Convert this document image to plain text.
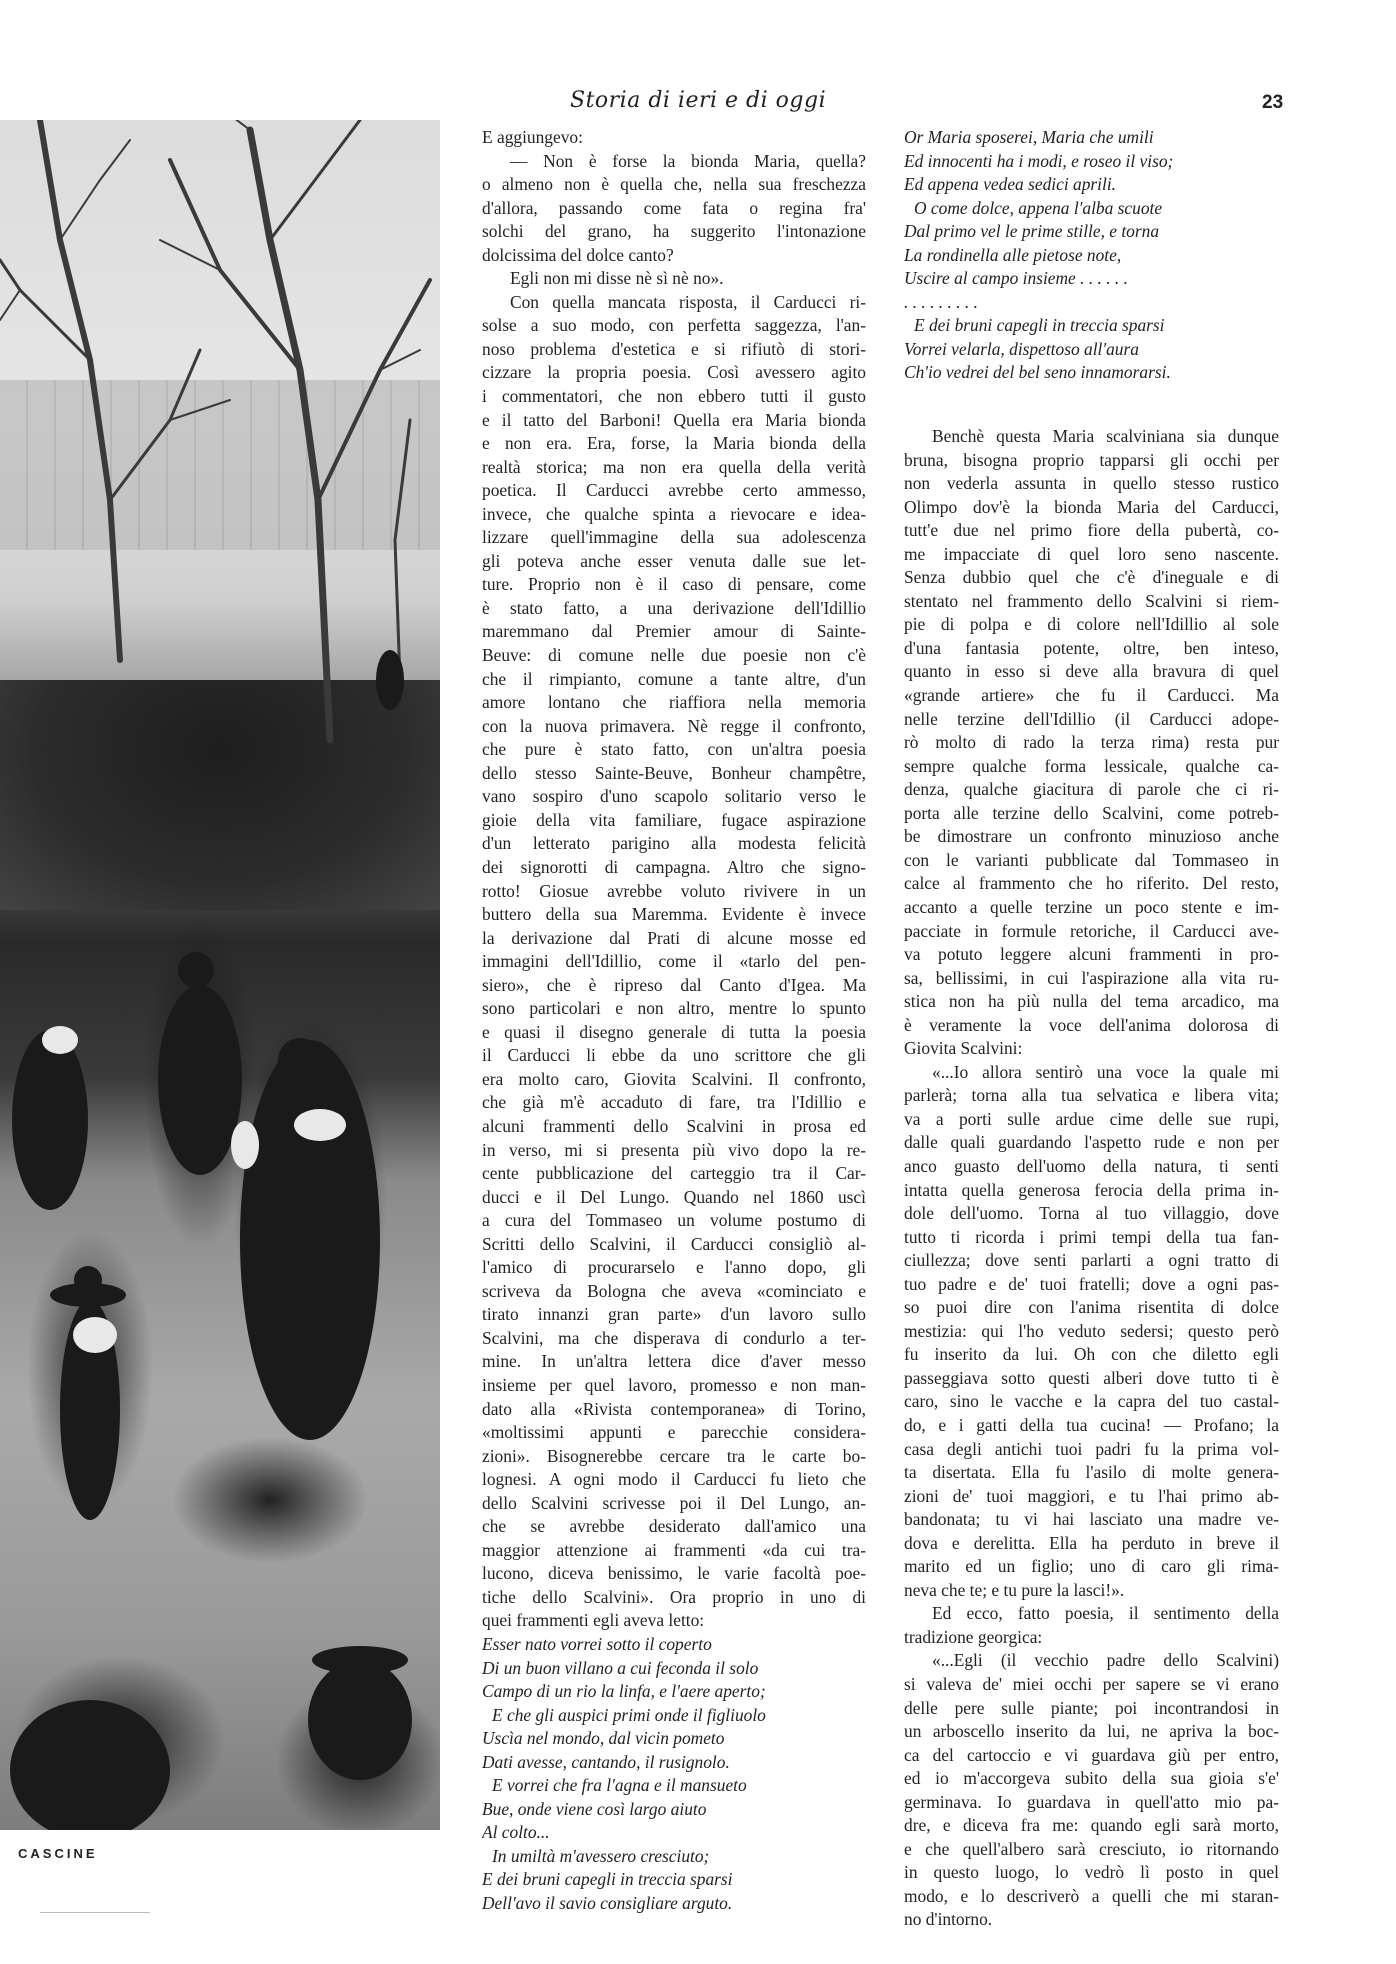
CASCINE
Storia di ieri e di oggi	23
E aggiungevo:
— Non è forse la bionda Maria, quella?
o almeno non è quella che, nella sua freschezza
d'allora, passando come fata o regina fra'
solchi del grano, ha suggerito l'intonazione
dolcissima del dolce canto?
Egli non mi disse nè sì nè no».
Con quella mancata risposta, il Carducci ri-
solse a suo modo, con perfetta saggezza, l'an-
noso problema d'estetica e si rifiutò di stori-
cizzare la propria poesia. Così avessero agito
i commentatori, che non ebbero tutti il gusto
e il tatto del Barboni! Quella era Maria bionda
e non era. Era, forse, la Maria bionda della
realtà storica; ma non era quella della verità
poetica. Il Carducci avrebbe certo ammesso,
invece, che qualche spinta a rievocare e idea-
lizzare quell'immagine della sua adolescenza
gli poteva anche esser venuta dalle sue let-
ture. Proprio non è il caso di pensare, come
è stato fatto, a una derivazione dell'Idillio
maremmano dal Premier amour di Sainte-
Beuve: di comune nelle due poesie non c'è
che il rimpianto, comune a tante altre, d'un
amore lontano che riaffiora nella memoria
con la nuova primavera. Nè regge il confronto,
che pure è stato fatto, con un'altra poesia
dello stesso Sainte-Beuve, Bonheur champêtre,
vano sospiro d'uno scapolo solitario verso le
gioie della vita familiare, fugace aspirazione
d'un letterato parigino alla modesta felicità
dei signorotti di campagna. Altro che signo-
rotto! Giosue avrebbe voluto rivivere in un
buttero della sua Maremma. Evidente è invece
la derivazione dal Prati di alcune mosse ed
immagini dell'Idillio, come il «tarlo del pen-
siero», che è ripreso dal Canto d'Igea. Ma
sono particolari e non altro, mentre lo spunto
e quasi il disegno generale di tutta la poesia
il Carducci li ebbe da uno scrittore che gli
era molto caro, Giovita Scalvini. Il confronto,
che già m'è accaduto di fare, tra l'Idillio e
alcuni frammenti dello Scalvini in prosa ed
in verso, mi si presenta più vivo dopo la re-
cente pubblicazione del carteggio tra il Car-
ducci e il Del Lungo. Quando nel 1860 uscì
a cura del Tommaseo un volume postumo di
Scritti dello Scalvini, il Carducci consigliò al-
l'amico di procurarselo e l'anno dopo, gli
scriveva da Bologna che aveva «cominciato e
tirato innanzi gran parte» d'un lavoro sullo
Scalvini, ma che disperava di condurlo a ter-
mine. In un'altra lettera dice d'aver messo
insieme per quel lavoro, promesso e non man-
dato alla «Rivista contemporanea» di Torino,
«moltissimi appunti e parecchie considera-
zioni». Bisognerebbe cercare tra le carte bo-
lognesi. A ogni modo il Carducci fu lieto che
dello Scalvini scrivesse poi il Del Lungo, an-
che se avrebbe desiderato dall'amico una
maggior attenzione ai frammenti «da cui tra-
lucono, diceva benissimo, le varie facoltà poe-
tiche dello Scalvini». Ora proprio in uno di
quei frammenti egli aveva letto:
Esser nato vorrei sotto il coperto
Di un buon villano a cui feconda il solo
Campo di un rio la linfa, e l'aere aperto;
E che gli auspici primi onde il figliuolo
Uscìa nel mondo, dal vicin pometo
Dati avesse, cantando, il rusignolo.
E vorrei che fra l'agna e il mansueto
Bue, onde viene così largo aiuto
Al colto...
In umiltà m'avessero cresciuto;
E dei bruni capegli in treccia sparsi
Dell'avo il savio consigliare arguto.
Or Maria sposerei, Maria che umili
Ed innocenti ha i modi, e roseo il viso;
Ed appena vedea sedici aprili.
O come dolce, appena l'alba scuote
Dal primo vel le prime stille, e torna
La rondinella alle pietose note,
Uscire al campo insieme . . . . . .
. . . . . . . . .
E dei bruni capegli in treccia sparsi
Vorrei velarla, dispettoso all'aura
Ch'io vedrei del bel seno innamorarsi.
Benchè questa Maria scalviniana sia dunque
bruna, bisogna proprio tapparsi gli occhi per
non vederla assunta in quello stesso rustico
Olimpo dov'è la bionda Maria del Carducci,
tutt'e due nel primo fiore della pubertà, co-
me impacciate di quel loro seno nascente.
Senza dubbio quel che c'è d'ineguale e di
stentato nel frammento dello Scalvini si riem-
pie di polpa e di colore nell'Idillio al sole
d'una fantasia potente, oltre, ben inteso,
quanto in esso si deve alla bravura di quel
«grande artiere» che fu il Carducci. Ma
nelle terzine dell'Idillio (il Carducci adope-
rò molto di rado la terza rima) resta pur
sempre qualche forma lessicale, qualche ca-
denza, qualche giacitura di parole che ci ri-
porta alle terzine dello Scalvini, come potreb-
be dimostrare un confronto minuzioso anche
con le varianti pubblicate dal Tommaseo in
calce al frammento che ho riferito. Del resto,
accanto a quelle terzine un poco stente e im-
pacciate in formule retoriche, il Carducci ave-
va potuto leggere alcuni frammenti in pro-
sa, bellissimi, in cui l'aspirazione alla vita ru-
stica non ha più nulla del tema arcadico, ma
è veramente la voce dell'anima dolorosa di
Giovita Scalvini:
«...Io allora sentirò una voce la quale mi
parlerà; torna alla tua selvatica e libera vita;
va a porti sulle ardue cime delle sue rupi,
dalle quali guardando l'aspetto rude e non per
anco guasto dell'uomo della natura, ti senti
intatta quella generosa ferocia della prima in-
dole dell'uomo. Torna al tuo villaggio, dove
tutto ti ricorda i primi tempi della tua fan-
ciullezza; dove senti parlarti a ogni tratto di
tuo padre e de' tuoi fratelli; dove a ogni pas-
so puoi dire con l'anima risentita di dolce
mestizia: qui l'ho veduto sedersi; questo però
fu inserito da lui. Oh con che diletto egli
passeggiava sotto questi alberi dove tutto ti è
caro, sino le vacche e la capra del tuo castal-
do, e i gatti della tua cucina! — Profano; la
casa degli antichi tuoi padri fu la prima vol-
ta disertata. Ella fu l'asilo di molte genera-
zioni de' tuoi maggiori, e tu l'hai primo ab-
bandonata; tu vi hai lasciato una madre ve-
dova e derelitta. Ella ha perduto in breve il
marito ed un figlio; uno di caro gli rima-
neva che te; e tu pure la lasci!».
Ed ecco, fatto poesia, il sentimento della
tradizione georgica:
«...Egli (il vecchio padre dello Scalvini)
si valeva de' miei occhi per sapere se vi erano
delle pere sulle piante; poi incontrandosi in
un arboscello inserito da lui, ne apriva la boc-
ca del cartoccio e vi guardava giù per entro,
ed io m'accorgeva subito della sua gioia s'e'
germinava. Io guardava in quell'atto mio pa-
dre, e diceva fra me: quando egli sarà morto,
e che quell'albero sarà cresciuto, io ritornando
in questo luogo, lo vedrò lì posto in quel
modo, e lo descriverò a quelli che mi staran-
no d'intorno.
